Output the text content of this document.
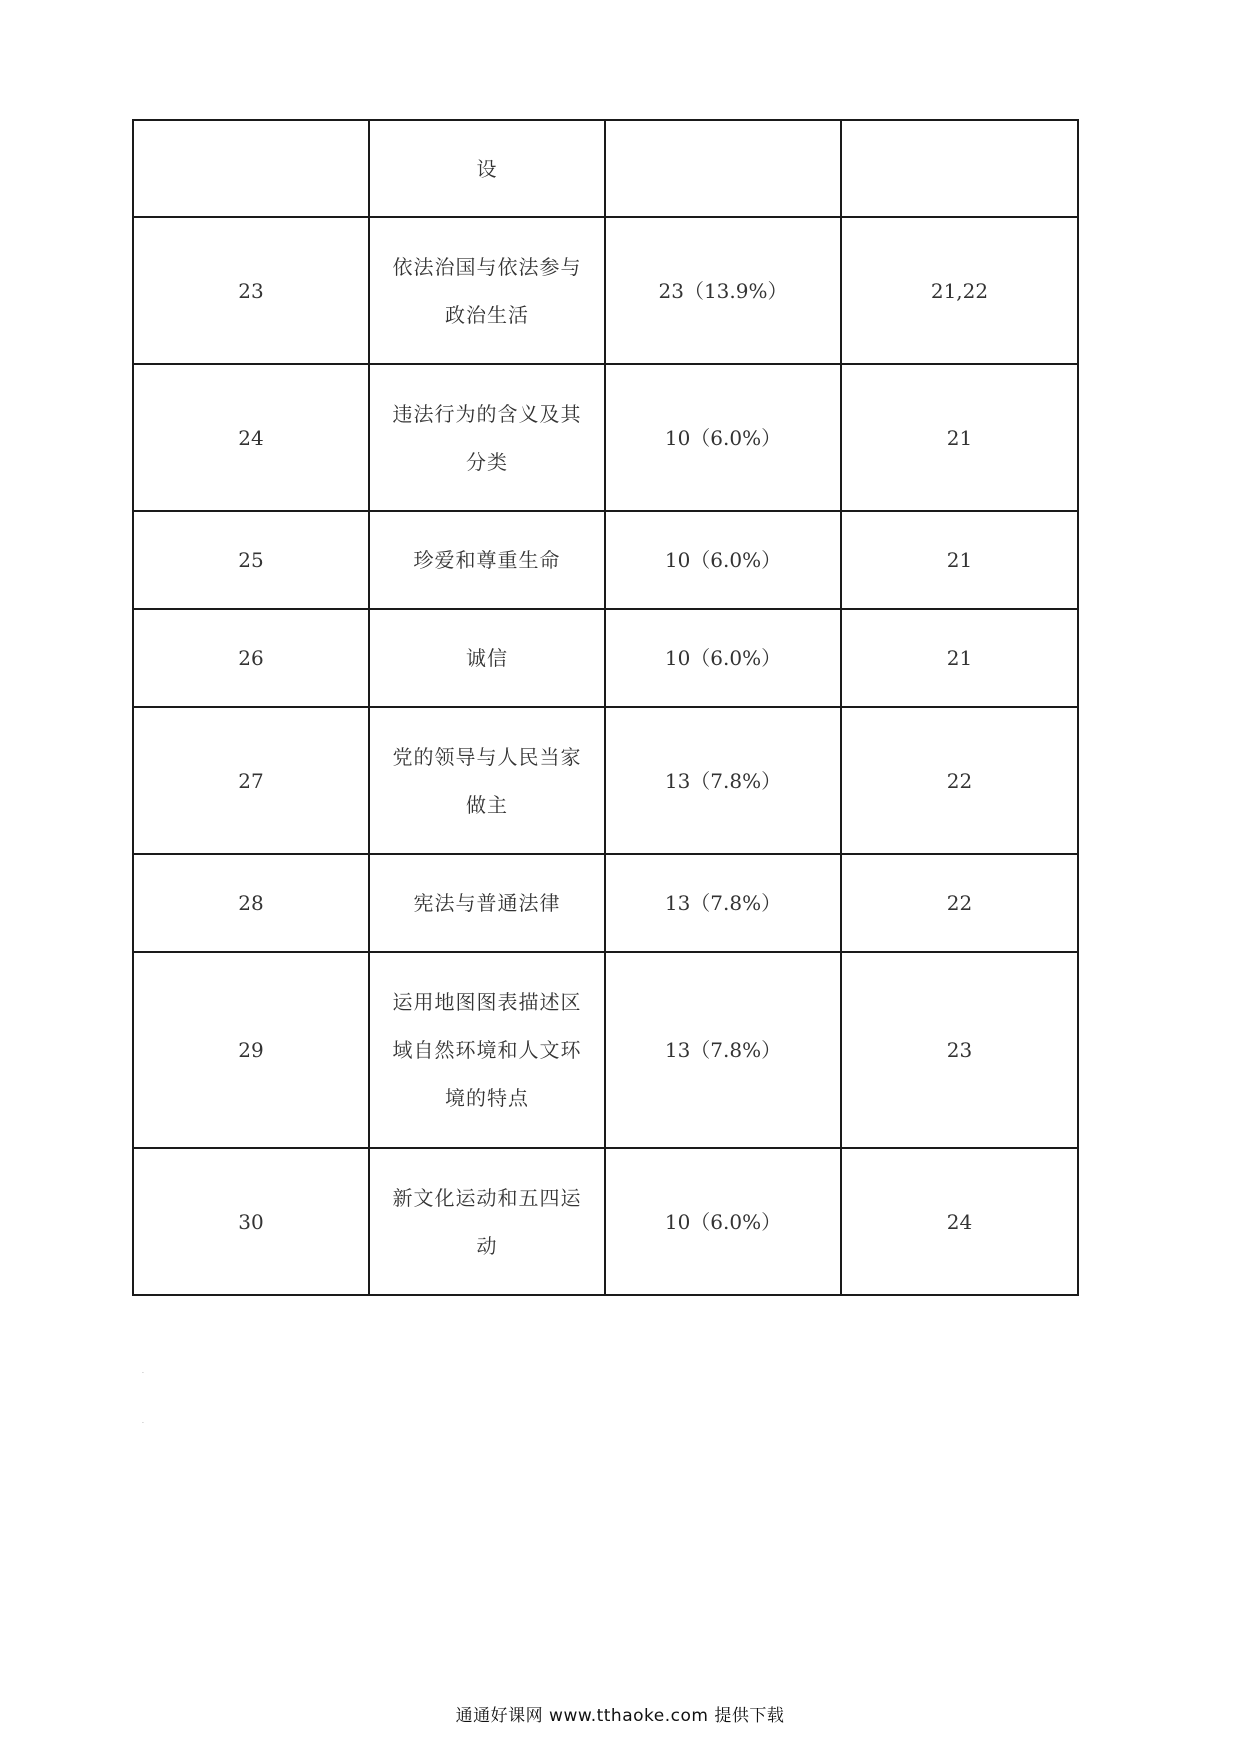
	设		
23	依法治国与依法参与政治生活	23（13.9%）	21,22
24	违法行为的含义及其分类	10（6.0%）	21
25	珍爱和尊重生命	10（6.0%）	21
26	诚信	10（6.0%）	21
27	党的领导与人民当家做主	13（7.8%）	22
28	宪法与普通法律	13（7.8%）	22
29	运用地图图表描述区域自然环境和人文环境的特点	13（7.8%）	23
30	新文化运动和五四运动	10（6.0%）	24
.
.
通通好课网 www.tthaoke.com 提供下载
